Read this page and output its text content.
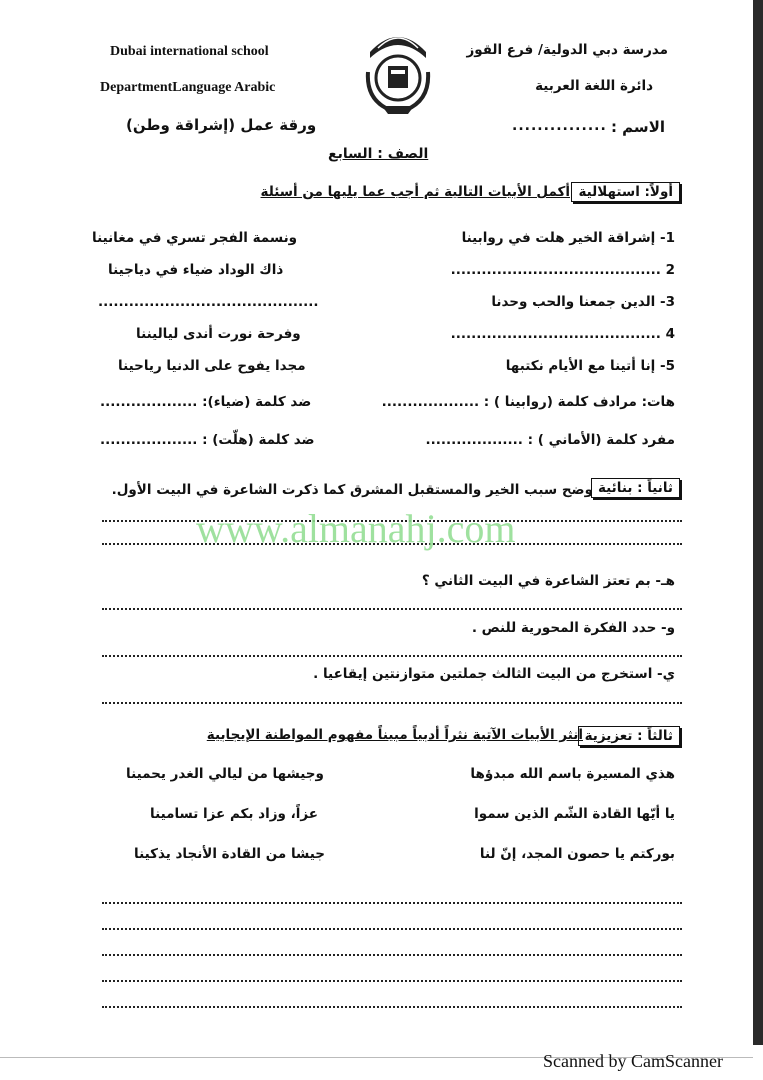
Dubai international school
DepartmentLanguage Arabic
مدرسة دبي الدولية/ فرع القوز
دائرة اللغة العربية
الاسم :
...............
ورقة عمل (إشراقة وطن)
الصف : السابع
أولاً: استهلالية
أكمل الأبيات التالية ثم أجب عما يليها من أسئلة
1- إشراقة الخير هلت في روابينا
ونسمة الفجر تسري في مغانينا
2 .........................................
ذاك الوداد ضياء في دياجينا
3- الدين جمعنا والحب وحدنا
...........................................
4 .........................................
وفرحة نورت أندى لياليننا
5- إنا أتينا مع الأيام نكتبها
مجدا يفوح على الدنيا رياحينا
هات: مرادف كلمة (روابينا ) : ...................
ضد كلمة (ضياء): ...................
مفرد كلمة (الأماني ) : ...................
ضد كلمة (هلّت) : ...................
ثانياً : بنائية
وضح سبب الخير والمستقبل المشرق كما ذكرت الشاعرة في البيت الأول.
www.almanahj.com
هـ- بم تعتز الشاعرة في البيت الثاني ؟
و- حدد الفكرة المحورية للنص .
ي- استخرج من البيت الثالث جملتين متوازنتين إيقاعيا .
ثالثاً : تعزيزية
انثر الأبيات الآتية نثراً أدبياً مبيناً مفهوم المواطنة الإيجابية
هذي المسيرة باسم الله مبدؤها
وجيشها من ليالي الغدر يحمينا
يا أيّها القادة الشّم الذين سموا
عزاً، وزاد بكم عزا تسامينا
بوركتم يا حصون المجد، إنّ لنا
جيشا من القادة الأنجاد يذكينا
Scanned by CamScanner
